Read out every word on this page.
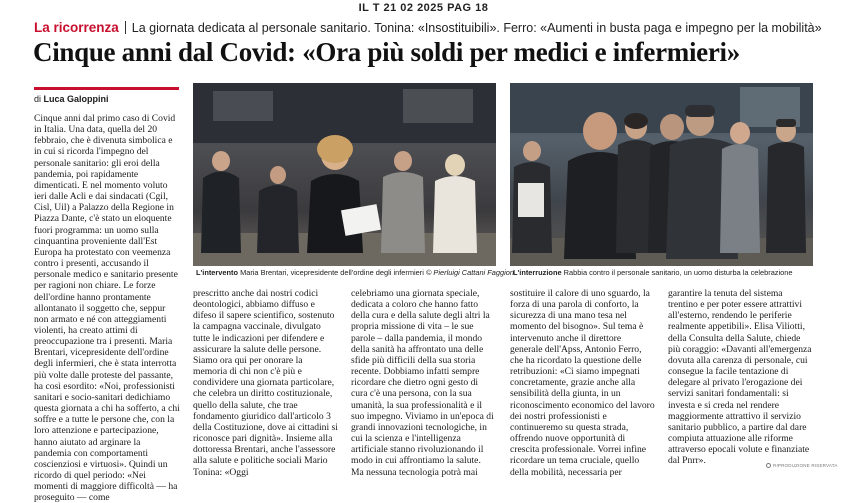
IL T 21 02 2025 PAG 18
La ricorrenza La giornata dedicata al personale sanitario. Tonina: «Insostituibili». Ferro: «Aumenti in busta paga e impegno per la mobilità»
Cinque anni dal Covid: «Ora più soldi per medici e infermieri»
di Luca Galoppini

Cinque anni dal primo caso di Covid in Italia. Una data, quella del 20 febbraio, che è divenuta simbolica e in cui si ricorda l'impegno del personale sanitario: gli eroi della pandemia, poi rapidamente dimenticati. E nel momento voluto ieri dalle Acli e dai sindacati (Cgil, Cisl, Uil) a Palazzo della Regione in Piazza Dante, c'è stato un eloquente fuori programma: un uomo sulla cinquantina proveniente dall'Est Europa ha protestato con veemenza contro i presenti, accusando il personale medico e sanitario presente per ragioni non chiare. Le forze dell'ordine hanno prontamente allontanato il soggetto che, seppur non armato e né con atteggiamenti violenti, ha creato attimi di preoccupazione tra i presenti. Maria Brentari, vicepresidente dell'ordine degli infermieri, che è stata interrotta più volte dalle proteste del passante, ha così esordito: «Noi, professionisti sanitari e socio-sanitari dedichiamo questa giornata a chi ha sofferto, a chi soffre e a tutte le persone che, con la loro attenzione e partecipazione, hanno aiutato ad arginare la pandemia con comportamenti coscienziosi e virtuosi». Quindi un ricordo di quel periodo: «Nei momenti di maggiore difficoltà — ha proseguito — come

L'intervento Maria Brentari, vicepresidente dell'ordine degli infermieri © Pierluigi Cattani Faggion L'interruzione Rabbia contro il personale sanitario, un uomo disturba la celebrazione

prescritto anche dai nostri codici deontologici, abbiamo diffuso e difeso il sapere scientifico, sostenuto la campagna vaccinale, divulgato tutte le indicazioni per difendere e assicurare la salute delle persone. Siamo ora qui per onorare la memoria di chi non c'è più e condividere una giornata particolare, che celebra un diritto costituzionale, quello della salute, che trae fondamento giuridico dall'articolo 3 della Costituzione, dove ai cittadini si riconosce pari dignità». Insieme alla dottoressa Brentari, anche l'assessore alla salute e politiche sociali Mario Tonina: «Oggi

celebriamo una giornata speciale, dedicata a coloro che hanno fatto della cura e della salute degli altri la propria missione di vita – le sue parole – dalla pandemia, il mondo della sanità ha affrontato una delle sfide più difficili della sua storia recente. Dobbiamo infatti sempre ricordare che dietro ogni gesto di cura c'è una persona, con la sua umanità, la sua professionalità e il suo impegno. Viviamo in un'epoca di grandi innovazioni tecnologiche, in cui la scienza e l'intelligenza artificiale stanno rivoluzionando il modo in cui affrontiamo la salute. Ma nessuna tecnologia potrà mai

sostituire il calore di uno sguardo, la forza di una parola di conforto, la sicurezza di una mano tesa nel momento del bisogno». Sul tema è intervenuto anche il direttore generale dell'Apss, Antonio Ferro, che ha ricordato la questione delle retribuzioni: «Ci siamo impegnati concretamente, grazie anche alla sensibilità della giunta, in un riconoscimento economico del lavoro dei nostri professionisti e continueremo su questa strada, offrendo nuove opportunità di crescita professionale. Vorrei infine ricordare un tema cruciale, quello della mobilità, necessaria per

garantire la tenuta del sistema trentino e per poter essere attrattivi all'esterno, rendendo le periferie realmente appetibili». Elisa Viliotti, della Consulta della Salute, chiede più coraggio: «Davanti all'emergenza dovuta alla carenza di personale, cui consegue la facile tentazione di delegare al privato l'erogazione dei servizi sanitari fondamentali: si investa e si creda nel rendere maggiormente attrattivo il servizio sanitario pubblico, a partire dal dare compiuta attuazione alle riforme attraverso epocali volute e finanziate dal Pnrr».	RIPRODUZIONE RISERVATA
